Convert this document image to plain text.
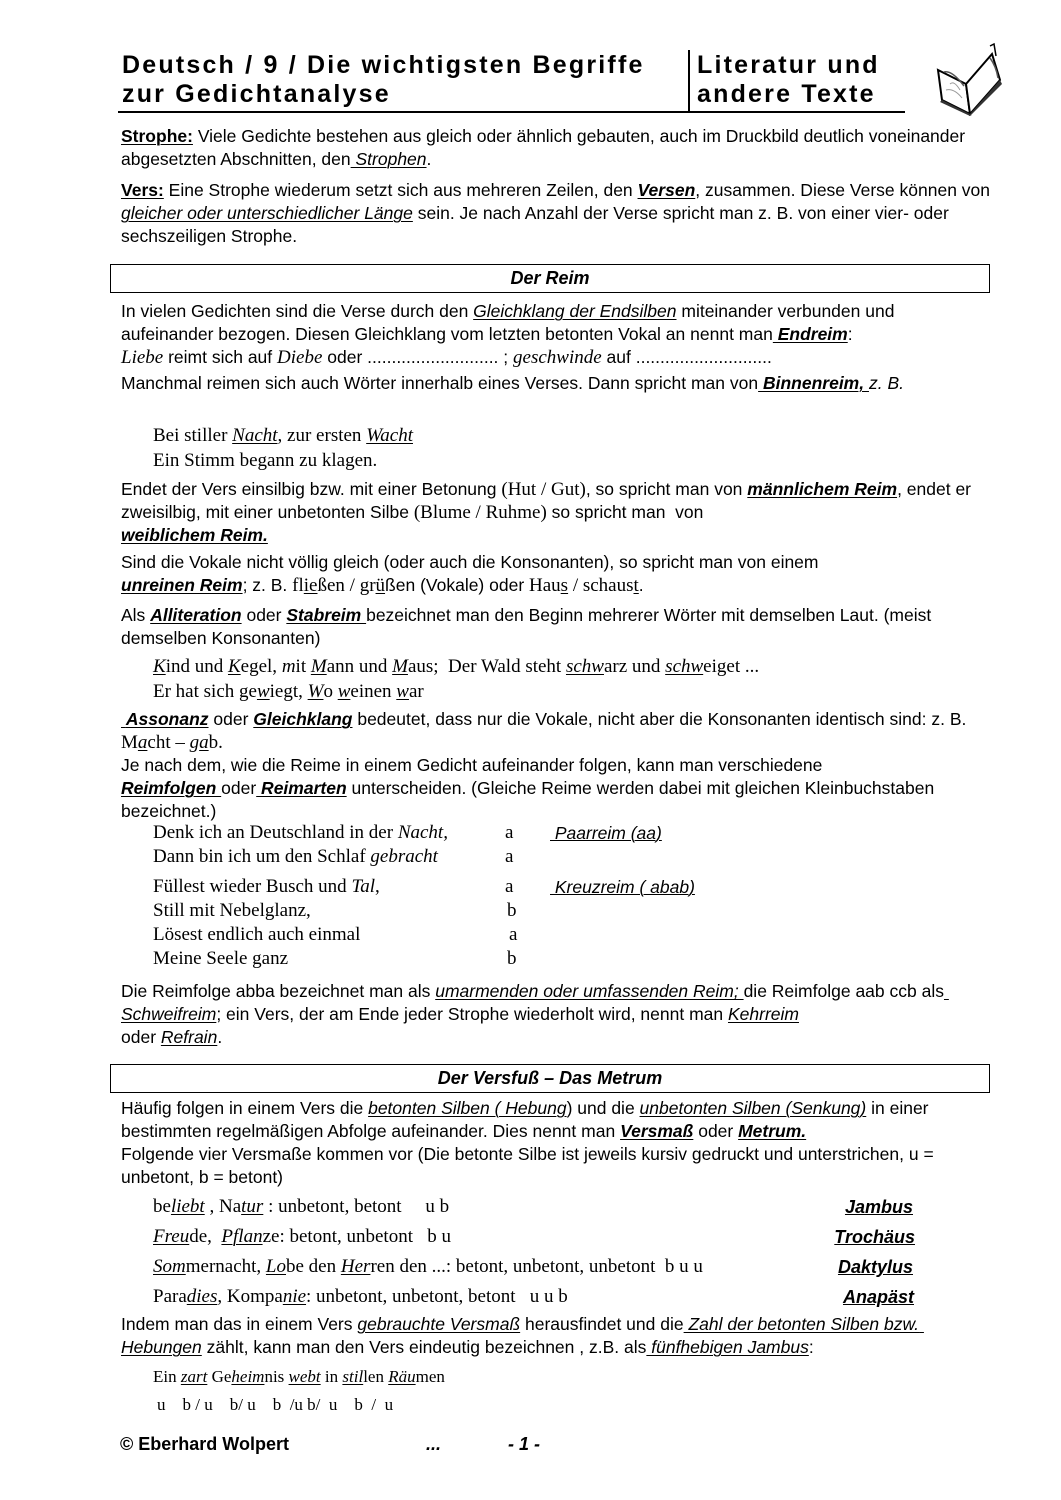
Deutsch / 9 / Die wichtigsten Begriffe
zur Gedichtanalyse
Literatur und
andere Texte
Strophe: Viele Gedichte bestehen aus gleich oder ähnlich gebauten, auch im Druckbild deutlich voneinander abgesetzten Abschnitten, den Strophen.
Vers: Eine Strophe wiederum setzt sich aus mehreren Zeilen, den Versen, zusammen. Diese Verse können von gleicher oder unterschiedlicher Länge sein. Je nach Anzahl der Verse spricht man z. B. von einer vier- oder sechszeiligen Strophe.
Der Reim
In vielen Gedichten sind die Verse durch den Gleichklang der Endsilben miteinander verbunden und aufeinander bezogen. Diesen Gleichklang vom letzten betonten Vokal an nennt man Endreim:
Liebe reimt sich auf Diebe oder ........................... ; geschwinde auf ............................
Manchmal reimen sich auch Wörter innerhalb eines Verses. Dann spricht man von Binnenreim, z. B.
Bei stiller Nacht, zur ersten Wacht
Ein Stimm begann zu klagen.
Endet der Vers einsilbig bzw. mit einer Betonung (Hut / Gut), so spricht man von männlichem Reim, endet er zweisilbig, mit einer unbetonten Silbe (Blume / Ruhme) so spricht man  von
weiblichem Reim.
Sind die Vokale nicht völlig gleich (oder auch die Konsonanten), so spricht man von einem
unreinen Reim; z. B. fließen / grüßen (Vokale) oder Haus / schaust.
Als Alliteration oder Stabreim bezeichnet man den Beginn mehrerer Wörter mit demselben Laut. (meist demselben Konsonanten)
Kind und Kegel, mit Mann und Maus;  Der Wald steht schwarz und schweiget ...
Er hat sich gewiegt, Wo weinen war
Assonanz oder Gleichklang bedeutet, dass nur die Vokale, nicht aber die Konsonanten identisch sind: z. B. Macht – gab.
Je nach dem, wie die Reime in einem Gedicht aufeinander folgen, kann man verschiedene
Reimfolgen oder Reimarten unterscheiden. (Gleiche Reime werden dabei mit gleichen Kleinbuchstaben bezeichnet.)
Denk ich an Deutschland in der Nacht,	a Paarreim (aa)
Dann bin ich um den Schlaf gebracht	a
Füllest wieder Busch und Tal,	a Kreuzreim ( abab)
Still mit Nebelglanz,	b
Lösest endlich auch einmal	a
Meine Seele ganz	b
Die Reimfolge abba bezeichnet man als umarmenden oder umfassenden Reim; die Reimfolge aab ccb als Schweifreim; ein Vers, der am Ende jeder Strophe wiederholt wird, nennt man Kehrreim
oder Refrain.
Der Versfuß – Das Metrum
Häufig folgen in einem Vers die betonten Silben ( Hebung) und die unbetonten Silben (Senkung) in einer bestimmten regelmäßigen Abfolge aufeinander. Dies nennt man Versmaß oder Metrum.
Folgende vier Versmaße kommen vor (Die betonte Silbe ist jeweils kursiv gedruckt und unterstrichen, u = unbetont, b = betont)
beliebt , Natur : unbetont, betont     u b	Jambus
Freude,  Pflanze: betont, unbetont   b u	Trochäus
Sommernacht, Lobe den Herren den ...: betont, unbetont, unbetont  b u u	Daktylus
Paradies, Kompanie: unbetont, unbetont, betont   u u b	Anapäst
Indem man das in einem Vers gebrauchte Versmaß herausfindet und die Zahl der betonten Silben bzw. Hebungen zählt, kann man den Vers eindeutig bezeichnen , z.B. als fünfhebigen Jambus:
Ein zart Geheimnis webt in stillen Räumen
u    b / u    b/ u    b  /u b/  u    b  /  u
© Eberhard Wolpert	...	- 1 -
